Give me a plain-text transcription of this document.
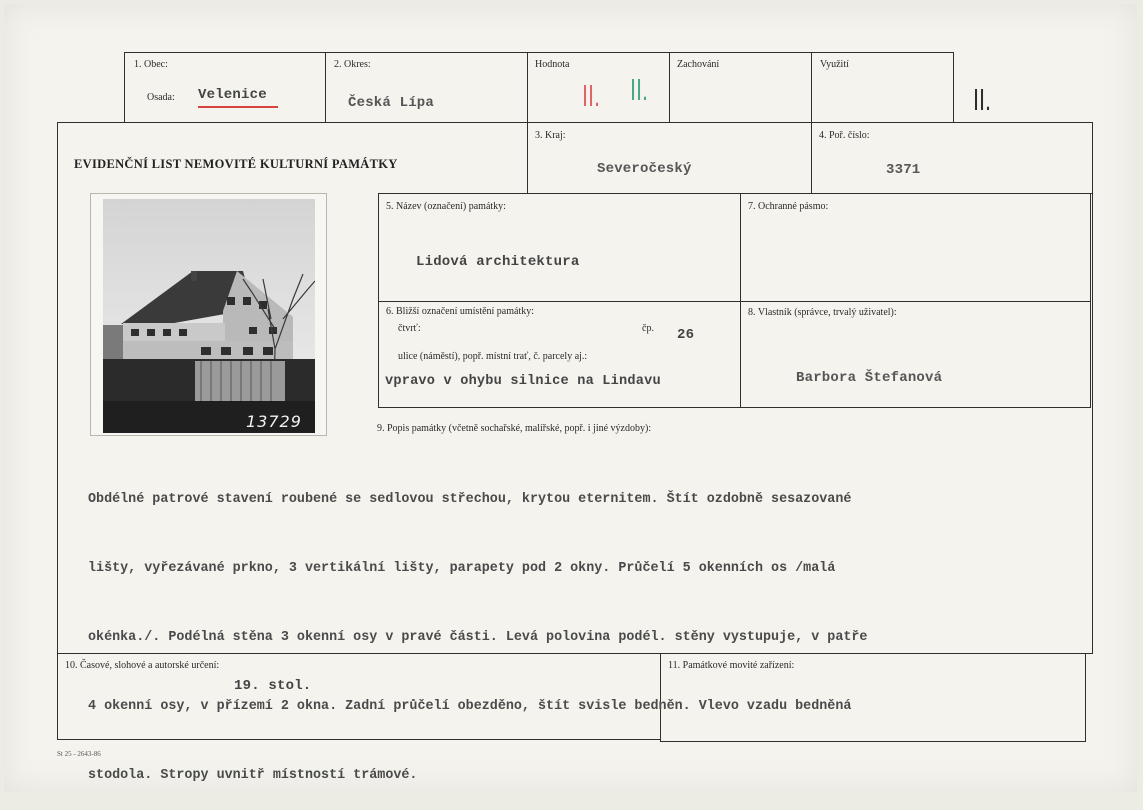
1. Obec:
Osada: Velenice
2. Okres:
Česká Lípa
Hodnota
II. II.
Zachování	Využití
II.
EVIDENČNÍ LIST NEMOVITÉ KULTURNÍ PAMÁTKY
3. Kraj:
Severočeský
4. Poř. číslo:
3371
5. Název (označení) památky:
Lidová architektura
7. Ochranné pásmo:
6. Bližší označení umístění památky:
čtvrť:	čp. 26
ulice (náměstí), popř. místní trať, č. parcely aj.:
vpravo v ohybu silnice na Lindavu
8. Vlastník (správce, trvalý uživatel):
Barbora Štefanová
13729	9. Popis památky (včetně sochařské, malířské, popř. i jiné výzdoby):

Obdélné patrové stavení roubené se sedlovou střechou, krytou eternitem. Štít ozdobně sesazované

lišty, vyřezávané prkno, 3 vertikální lišty, parapety pod 2 okny. Průčelí 5 okenních os /malá

okénka./. Podélná stěna 3 okenní osy v pravé části. Levá polovina podél. stěny vystupuje, v patře

4 okenní osy, v přízemí 2 okna. Zadní průčelí obezděno, štít svisle bedněn. Vlevo vzadu bedněná

stodola. Stropy uvnitř místností trámové.

10. Časové, slohové a autorské určení:
19. stol.
11. Památkové movité zařízení:
St 25 - 2643-86
